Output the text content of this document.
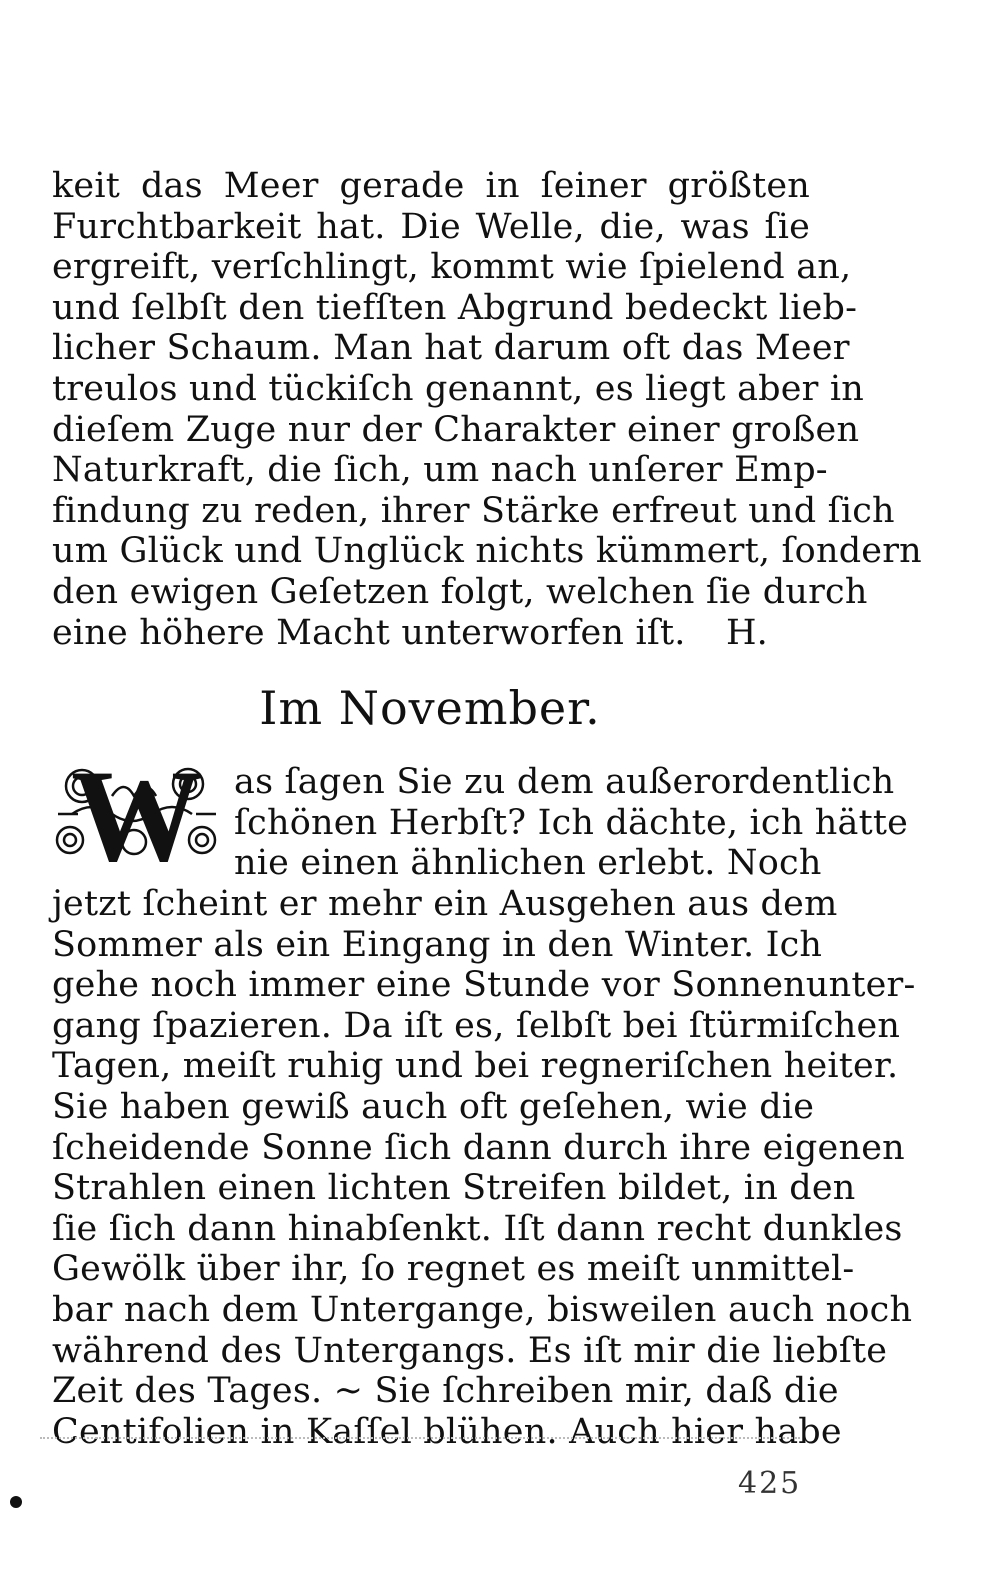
keit das Meer gerade in ſeiner größten
Furchtbarkeit hat. Die Welle, die, was ſie
ergreift, verſchlingt, kommt wie ſpielend an,
und ſelbſt den tiefſten Abgrund bedeckt lieb-
licher Schaum. Man hat darum oft das Meer
treulos und tückiſch genannt, es liegt aber in
dieſem Zuge nur der Charakter einer großen
Naturkraft, die ſich, um nach unſerer Emp-
findung zu reden, ihrer Stärke erfreut und ſich
um Glück und Unglück nichts kümmert, ſondern
den ewigen Geſetzen folgt, welchen ſie durch
eine höhere Macht unterworfen iſt. H.
Im November.
W as ſagen Sie zu dem außerordentlich
ſchönen Herbſt? Ich dächte, ich hätte
nie einen ähnlichen erlebt. Noch
jetzt ſcheint er mehr ein Ausgehen aus dem
Sommer als ein Eingang in den Winter. Ich
gehe noch immer eine Stunde vor Sonnenunter-
gang ſpazieren. Da iſt es, ſelbſt bei ſtürmiſchen
Tagen, meiſt ruhig und bei regneriſchen heiter.
Sie haben gewiß auch oft geſehen, wie die
ſcheidende Sonne ſich dann durch ihre eigenen
Strahlen einen lichten Streifen bildet, in den
ſie ſich dann hinabſenkt. Iſt dann recht dunkles
Gewölk über ihr, ſo regnet es meiſt unmittel-
bar nach dem Untergange, bisweilen auch noch
während des Untergangs. Es iſt mir die liebſte
Zeit des Tages. ~ Sie ſchreiben mir, daß die
Centifolien in Kaſſel blühen. Auch hier habe
425
